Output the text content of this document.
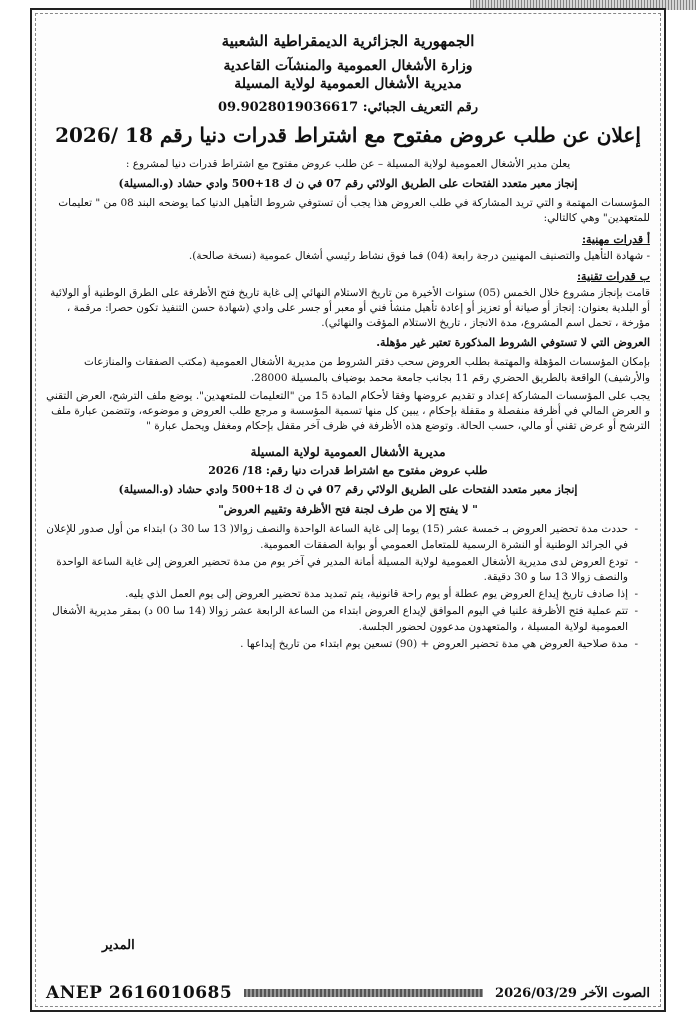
الجمهورية الجزائرية الديمقراطية الشعبية
وزارة الأشغال العمومية والمنشآت القاعدية
مديرية الأشغال العمومية لولاية المسيلة
رقم التعريف الجبائي: 09.9028019036617
إعلان عن طلب عروض مفتوح مع اشتراط قدرات دنيا رقم 18 /2026
يعلن مدير الأشغال العمومية لولاية المسيلة – عن طلب عروض مفتوح مع اشتراط قدرات دنيا لمشروع :
إنجاز معبر متعدد الفتحات على الطريق الولائي رقم 07 في ن ك 18+500 وادي حشاد (و.المسيلة)
المؤسسات المهتمة و التي تريد المشاركة في طلب العروض هذا يجب أن تستوفي شروط التأهيل الدنيا كما يوضحه البند 08 من " تعليمات للمتعهدين" وهي كالتالي:
أ قدرات مهنية:
- شهادة التأهيل والتصنيف المهنيين درجة رابعة (04) فما فوق نشاط رئيسي أشغال عمومية (نسخة صالحة).
ب قدرات تقنية:
قامت بإنجاز مشروع خلال الخمس (05) سنوات الأخيرة من تاريخ الاستلام النهائي إلى غاية تاريخ فتح الأظرفة على الطرق الوطنية أو الولائية أو البلدية بعنوان: إنجاز أو صيانة أو تعزيز أو إعادة تأهيل منشأ فني أو معبر أو جسر على وادي (شهادة حسن التنفيذ تكون حصرا: مرقمة ، مؤرخة ، تحمل اسم المشروع، مدة الانجاز ، تاريخ الاستلام المؤقت والنهائي).
العروض التي لا تستوفي الشروط المذكورة تعتبر غير مؤهلة.
بإمكان المؤسسات المؤهلة والمهتمة بطلب العروض سحب دفتر الشروط من مديرية الأشغال العمومية (مكتب الصفقات والمنازعات والأرشيف) الواقعة بالطريق الحضري رقم 11 بجانب جامعة محمد بوضياف بالمسيلة 28000.
يجب على المؤسسات المشاركة إعداد و تقديم عروضها وفقا لأحكام المادة 15 من "التعليمات للمتعهدين". يوضع ملف الترشح، العرض التقني و العرض المالي في أظرفة منفصلة و مقفلة بإحكام ، يبين كل منها تسمية المؤسسة و مرجع طلب العروض و موضوعه، وتتضمن عبارة ملف الترشح أو عرض تقني أو مالي، حسب الحالة. وتوضع هذه الأظرفة في ظرف آخر مقفل بإحكام ومغفل ويحمل عبارة "
مديرية الأشغال العمومية لولاية المسيلة
طلب عروض مفتوح مع اشتراط قدرات دنيا رقم: 18/ 2026
إنجاز معبر متعدد الفتحات على الطريق الولائي رقم 07 في ن ك 18+500 وادي حشاد (و.المسيلة)
" لا يفتح إلا من طرف لجنة فتح الأظرفة وتقييم العروض"
- حددت مدة تحضير العروض بـ خمسة عشر (15) يوما إلى غاية الساعة الواحدة والنصف زوالا( 13 سا 30 د) ابتداء من أول صدور للإعلان في الجرائد الوطنية أو النشرة الرسمية للمتعامل العمومي أو بوابة الصفقات العمومية.
- تودع العروض لدى مديرية الأشغال العمومية لولاية المسيلة أمانة المدير في آخر يوم من مدة تحضير العروض إلى غاية الساعة الواحدة والنصف زوالا 13 سا و 30 دقيقة.
- إذا صادف تاريخ إيداع العروض يوم عطلة أو يوم راحة قانونية، يتم تمديد مدة تحضير العروض إلى يوم العمل الذي يليه.
- تتم عملية فتح الأظرفة علنيا في اليوم الموافق لإيداع العروض ابتداء من الساعة الرابعة عشر زوالا (14 سا 00 د) بمقر مديرية الأشغال العمومية لولاية المسيلة ، والمتعهدون مدعوون لحضور الجلسة.
- مدة صلاحية العروض هي مدة تحضير العروض + (90) تسعين يوم ابتداء من تاريخ إيداعها .
المدير
ANEP 2616010685	الصوت الآخر 2026/03/29
